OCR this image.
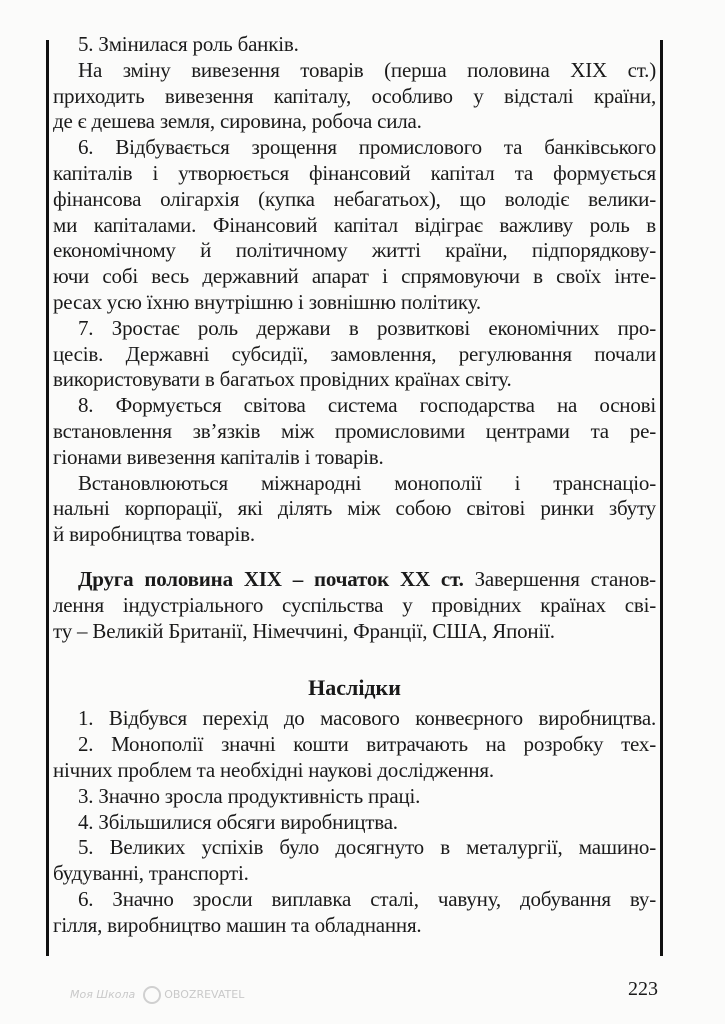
Моя Школа	OBOZREVATEL
5. Змінилася роль банків.
На зміну вивезення товарів (перша половина XIX ст.)
приходить вивезення капіталу, особливо у відсталі країни,
де є дешева земля, сировина, робоча сила.
6. Відбувається зрощення промислового та банківського
капіталів і утворюється фінансовий капітал та формується
фінансова олігархія (купка небагатьох), що володіє велики-
ми капіталами. Фінансовий капітал відіграє важливу роль в
економічному й політичному житті країни, підпорядкову-
ючи собі весь державний апарат і спрямовуючи в своїх інте-
ресах усю їхню внутрішню і зовнішню політику.
7. Зростає роль держави в розвиткові економічних про-
цесів. Державні субсидії, замовлення, регулювання почали
використовувати в багатьох провідних країнах світу.
8. Формується світова система господарства на основі
встановлення зв’язків між промисловими центрами та ре-
гіонами вивезення капіталів і товарів.
Встановлюються міжнародні монополії і транснаціо-
нальні корпорації, які ділять між собою світові ринки збуту
й виробництва товарів.
Друга половина XIX – початок XX ст. Завершення станов-
лення індустріального суспільства у провідних країнах сві-
ту – Великій Британії, Німеччині, Франції, США, Японії.
Наслідки
1. Відбувся перехід до масового конвеєрного виробництва.
2. Монополії значні кошти витрачають на розробку тех-
нічних проблем та необхідні наукові дослідження.
3. Значно зросла продуктивність праці.
4. Збільшилися обсяги виробництва.
5. Великих успіхів було досягнуто в металургії, машино-
будуванні, транспорті.
6. Значно зросли виплавка сталі, чавуну, добування ву-
гілля, виробництво машин та обладнання.
223
